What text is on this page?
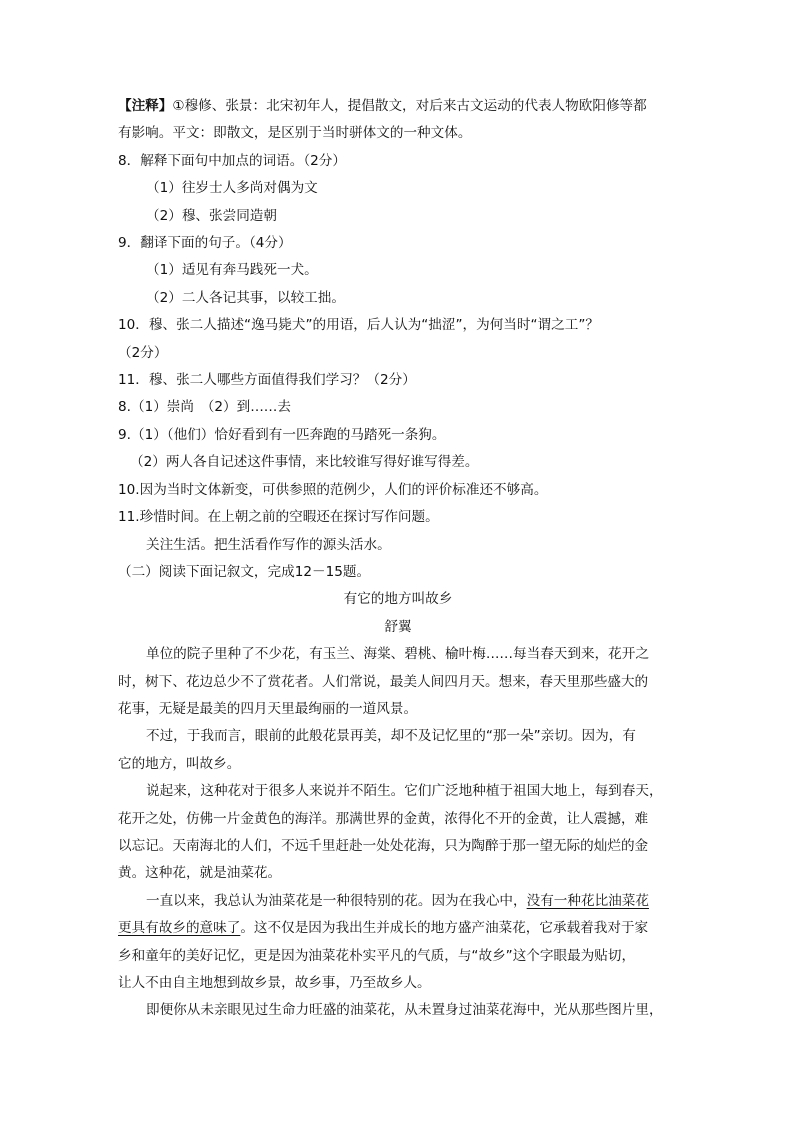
【注释】①穆修、张景：北宋初年人，提倡散文，对后来古文运动的代表人物欧阳修等都
有影响。平文：即散文，是区别于当时骈体文的一种文体。
8．解释下面句中加点的词语。（2分）
（1）往岁士人多尚对偶为文
（2）穆、张尝同造朝
9．翻译下面的句子。（4分）
（1）适见有奔马践死一犬。
（2）二人各记其事，以较工拙。
10．穆、张二人描述“逸马毙犬”的用语，后人认为“拙涩”，为何当时“谓之工”？
（2分）
11．穆、张二人哪些方面值得我们学习？（2分）
8.（1）崇尚　（2）到……去
9.（1）（他们）恰好看到有一匹奔跑的马踏死一条狗。
（2）两人各自记述这件事情，来比较谁写得好谁写得差。
10.因为当时文体新变，可供参照的范例少，人们的评价标准还不够高。
11.珍惜时间。在上朝之前的空暇还在探讨写作问题。
关注生活。把生活看作写作的源头活水。
（二）阅读下面记叙文，完成12－15题。
有它的地方叫故乡
舒翼
单位的院子里种了不少花，有玉兰、海棠、碧桃、榆叶梅……每当春天到来，花开之
时，树下、花边总少不了赏花者。人们常说，最美人间四月天。想来，春天里那些盛大的
花事，无疑是最美的四月天里最绚丽的一道风景。
不过，于我而言，眼前的此般花景再美，却不及记忆里的“那一朵”亲切。因为，有
它的地方，叫故乡。
说起来，这种花对于很多人来说并不陌生。它们广泛地种植于祖国大地上，每到春天，
花开之处，仿佛一片金黄色的海洋。那满世界的金黄，浓得化不开的金黄，让人震撼，难
以忘记。天南海北的人们，不远千里赶赴一处处花海，只为陶醉于那一望无际的灿烂的金
黄。这种花，就是油菜花。
一直以来，我总认为油菜花是一种很特别的花。因为在我心中，没有一种花比油菜花
更具有故乡的意味了。这不仅是因为我出生并成长的地方盛产油菜花，它承载着我对于家
乡和童年的美好记忆，更是因为油菜花朴实平凡的气质，与“故乡”这个字眼最为贴切，
让人不由自主地想到故乡景，故乡事，乃至故乡人。
即便你从未亲眼见过生命力旺盛的油菜花，从未置身过油菜花海中，光从那些图片里，
